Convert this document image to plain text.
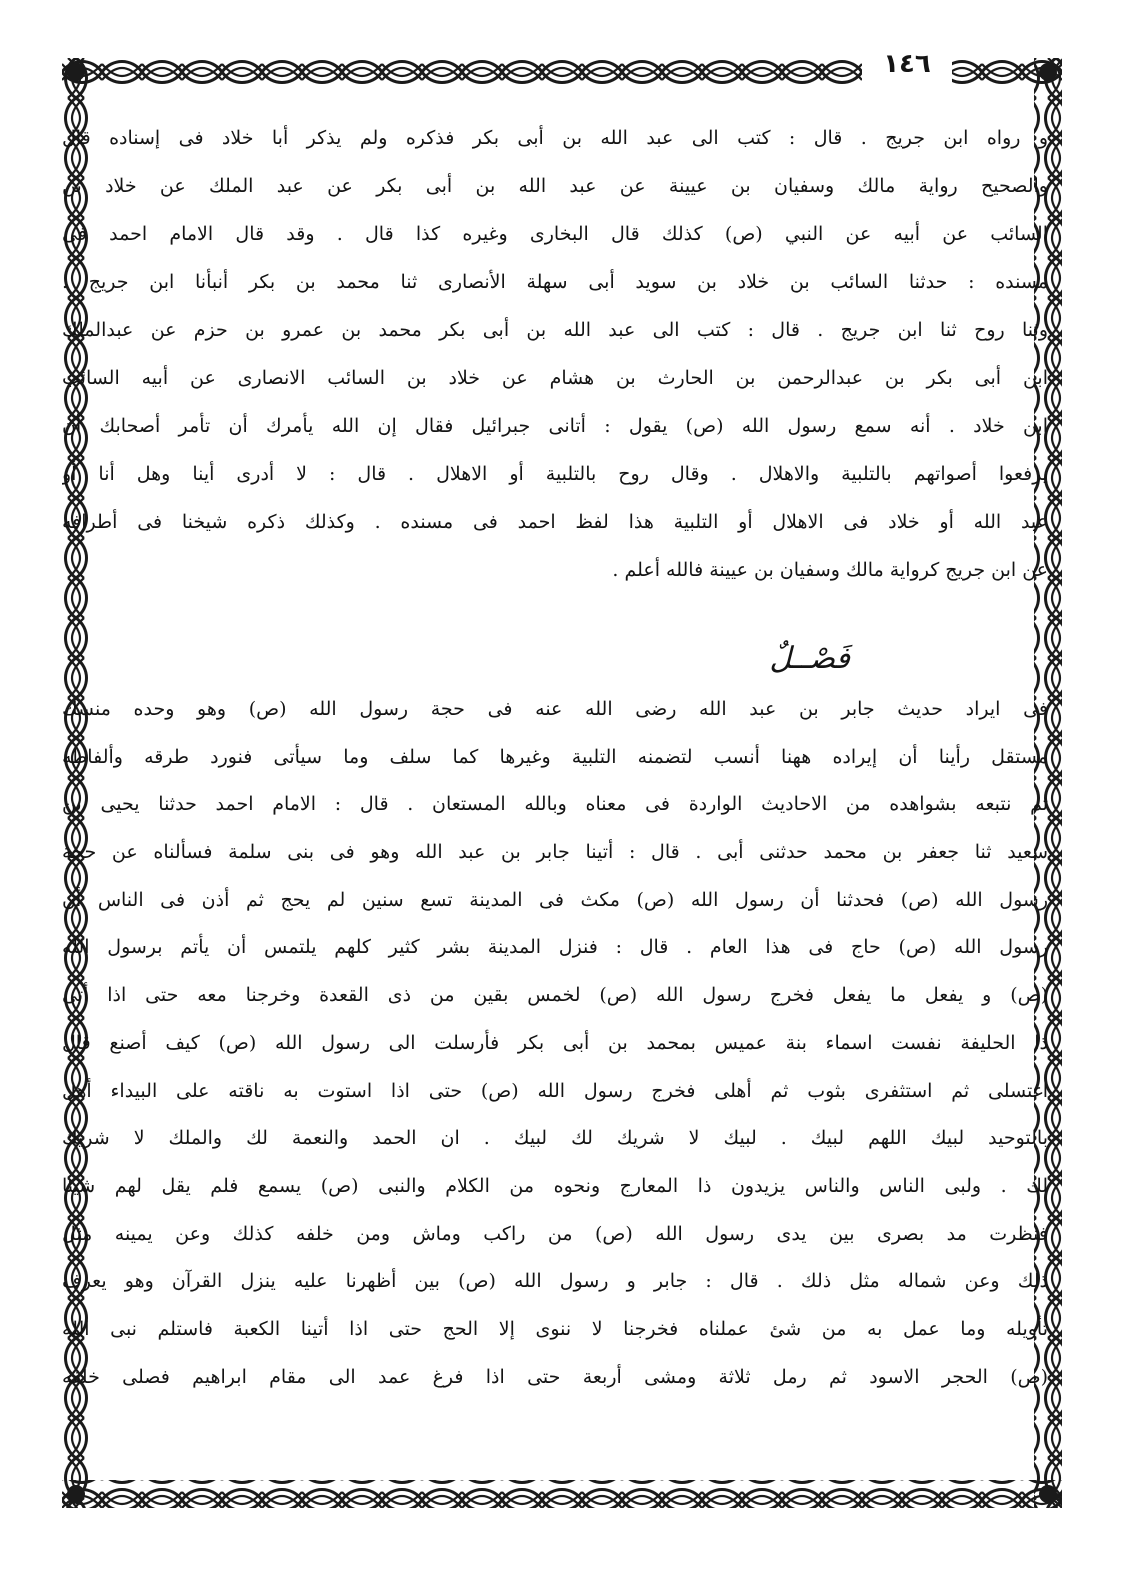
١٤٦

و رواه ابن جريج . قال : كتب الى عبد الله بن أبى بكر فذكره ولم يذكر أبا خلاد فى إسناده قال

والصحيح رواية مالك وسفيان بن عيينة عن عبد الله بن أبى بكر عن عبد الملك عن خلاد بن

السائب عن أبيه عن النبي (ص) كذلك قال البخارى وغيره كذا قال . وقد قال الامام احمد فى

مسنده : حدثنا السائب بن خلاد بن سويد أبى سهلة الأنصارى ثنا محمد بن بكر أنبأنا ابن جريج .

وثنا روح ثنا ابن جريج . قال : كتب الى عبد الله بن أبى بكر محمد بن عمرو بن حزم عن عبدالملك

ابن أبى بكر بن عبدالرحمن بن الحارث بن هشام عن خلاد بن السائب الانصارى عن أبيه السائب

ابن خلاد . أنه سمع رسول الله (ص) يقول : أتانى جبرائيل فقال إن الله يأمرك أن تأمر أصحابك أن

يرفعوا أصواتهم بالتلبية والاهلال . وقال روح بالتلبية أو الاهلال . قال : لا أدرى أينا وهل أنا أو

عبد الله أو خلاد فى الاهلال أو التلبية هذا لفظ احمد فى مسنده . وكذلك ذكره شيخنا فى أطرافه

عن ابن جريج كرواية مالك وسفيان بن عيينة فالله أعلم .

فَصْــلٌ

فى ايراد حديث جابر بن عبد الله رضى الله عنه فى حجة رسول الله (ص) وهو وحده منسك

مستقل رأينا أن إيراده ههنا أنسب لتضمنه التلبية وغيرها كما سلف وما سيأتى فنورد طرقه وألفاظه

ثم نتبعه بشواهده من الاحاديث الواردة فى معناه وبالله المستعان . قال : الامام احمد حدثنا يحيى بن

سعيد ثنا جعفر بن محمد حدثنى أبى . قال : أتينا جابر بن عبد الله وهو فى بنى سلمة فسألناه عن حجة

رسول الله (ص) فحدثنا أن رسول الله (ص) مكث فى المدينة تسع سنين لم يحج ثم أذن فى الناس أن

رسول الله (ص) حاج فى هذا العام . قال : فنزل المدينة بشر كثير كلهم يلتمس أن يأتم برسول الله

(ص) و يفعل ما يفعل فخرج رسول الله (ص) لخمس بقين من ذى القعدة وخرجنا معه حتى اذا أتى

ذا الحليفة نفست اسماء بنة عميس بمحمد بن أبى بكر فأرسلت الى رسول الله (ص) كيف أصنع قال

اغتسلى ثم استثفرى بثوب ثم أهلى فخرج رسول الله (ص) حتى اذا استوت به ناقته على البيداء أهل

بالتوحيد لبيك اللهم لبيك . لبيك لا شريك لك لبيك . ان الحمد والنعمة لك والملك لا شريك

لك . ولبى الناس والناس يزيدون ذا المعارج ونحوه من الكلام والنبى (ص) يسمع فلم يقل لهم شيئا

فنظرت مد بصرى بين يدى رسول الله (ص) من راكب وماش ومن خلفه كذلك وعن يمينه مثل

ذلك وعن شماله مثل ذلك . قال : جابر و رسول الله (ص) بين أظهرنا عليه ينزل القرآن وهو يعرف

تأويله وما عمل به من شئ عملناه فخرجنا لا ننوى إلا الحج حتى اذا أتينا الكعبة فاستلم نبى الله

(ص) الحجر الاسود ثم رمل ثلاثة ومشى أربعة حتى اذا فرغ عمد الى مقام ابراهيم فصلى خلفه
